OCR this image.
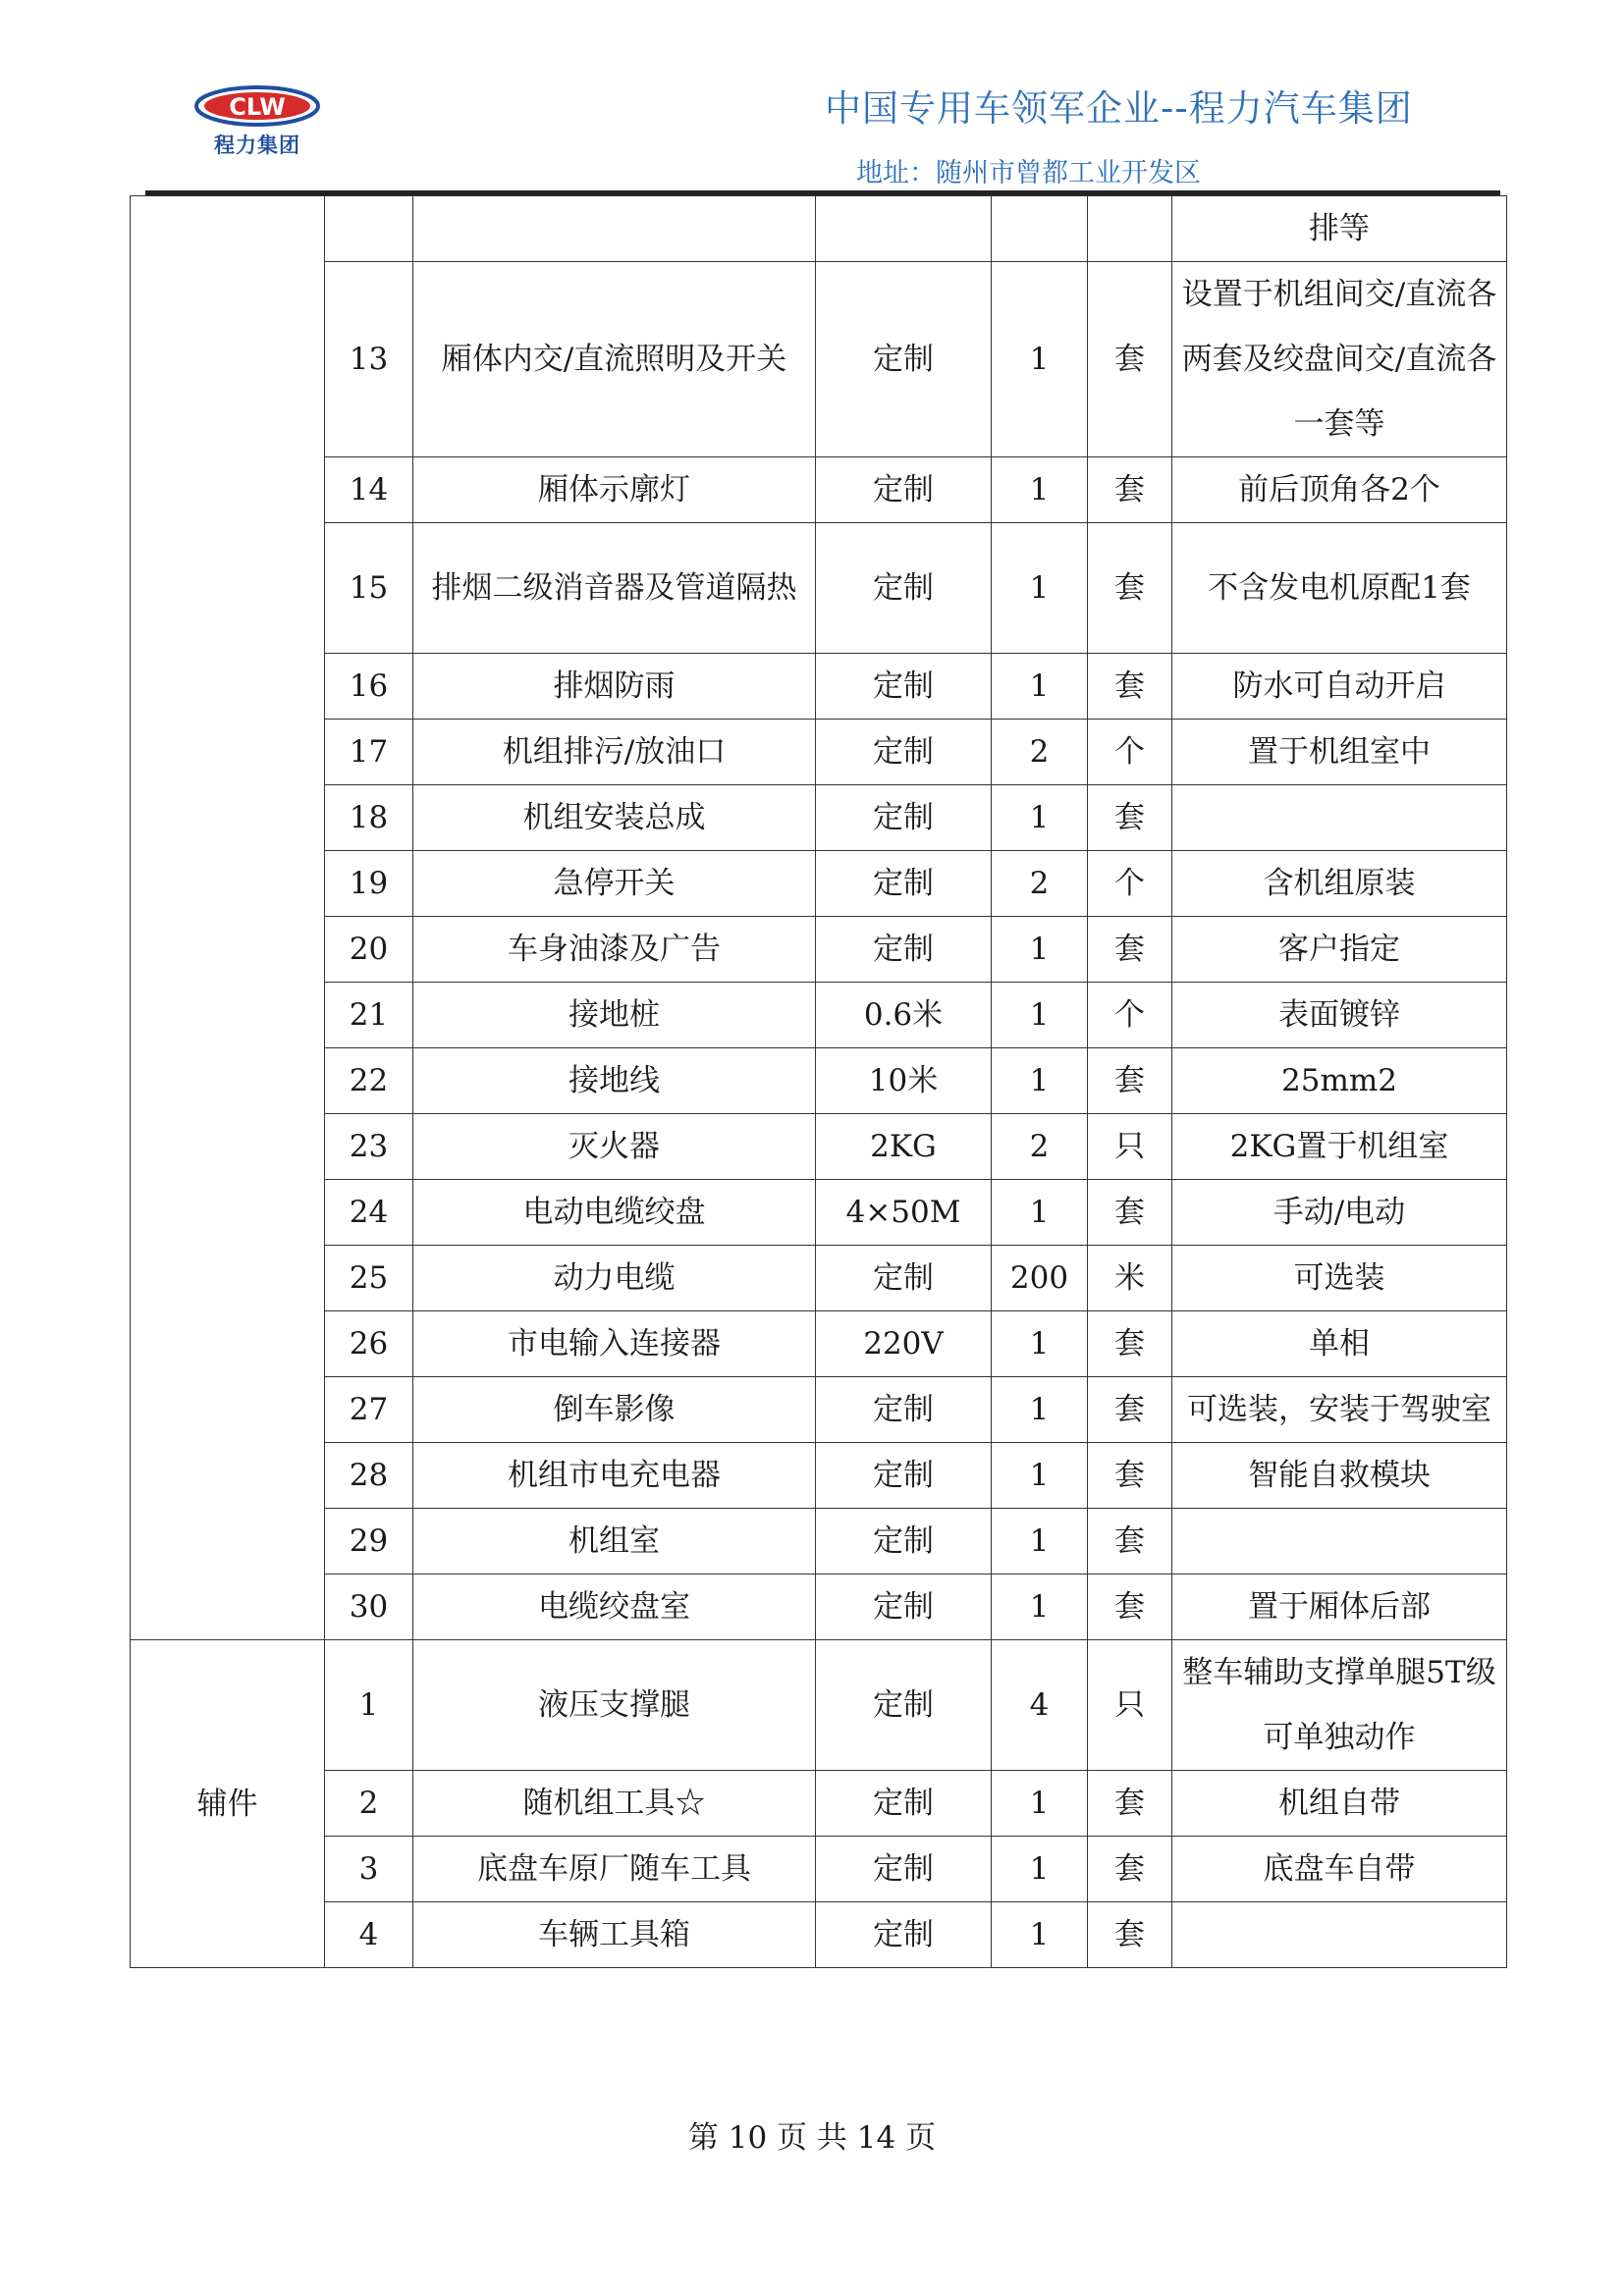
CLW
程力集团
中国专用车领军企业--程力汽车集团
地址：随州市曾都工业开发区
						排等
	13	厢体内交/直流照明及开关	定制	1	套	设置于机组间交/直流各两套及绞盘间交/直流各一套等
	14	厢体示廓灯	定制	1	套	前后顶角各2个
	15	排烟二级消音器及管道隔热	定制	1	套	不含发电机原配1套
	16	排烟防雨	定制	1	套	防水可自动开启
	17	机组排污/放油口	定制	2	个	置于机组室中
	18	机组安装总成	定制	1	套	
	19	急停开关	定制	2	个	含机组原装
	20	车身油漆及广告	定制	1	套	客户指定
	21	接地桩	0.6米	1	个	表面镀锌
	22	接地线	10米	1	套	25mm2
	23	灭火器	2KG	2	只	2KG置于机组室
	24	电动电缆绞盘	4×50M	1	套	手动/电动
	25	动力电缆	定制	200	米	可选装
	26	市电输入连接器	220V	1	套	单相
	27	倒车影像	定制	1	套	可选装，安装于驾驶室
	28	机组市电充电器	定制	1	套	智能自救模块
	29	机组室	定制	1	套	
	30	电缆绞盘室	定制	1	套	置于厢体后部
辅件	1	液压支撑腿	定制	4	只	整车辅助支撑单腿5T级可单独动作
	2	随机组工具☆	定制	1	套	机组自带
	3	底盘车原厂随车工具	定制	1	套	底盘车自带
	4	车辆工具箱	定制	1	套	
第 10 页 共 14 页
